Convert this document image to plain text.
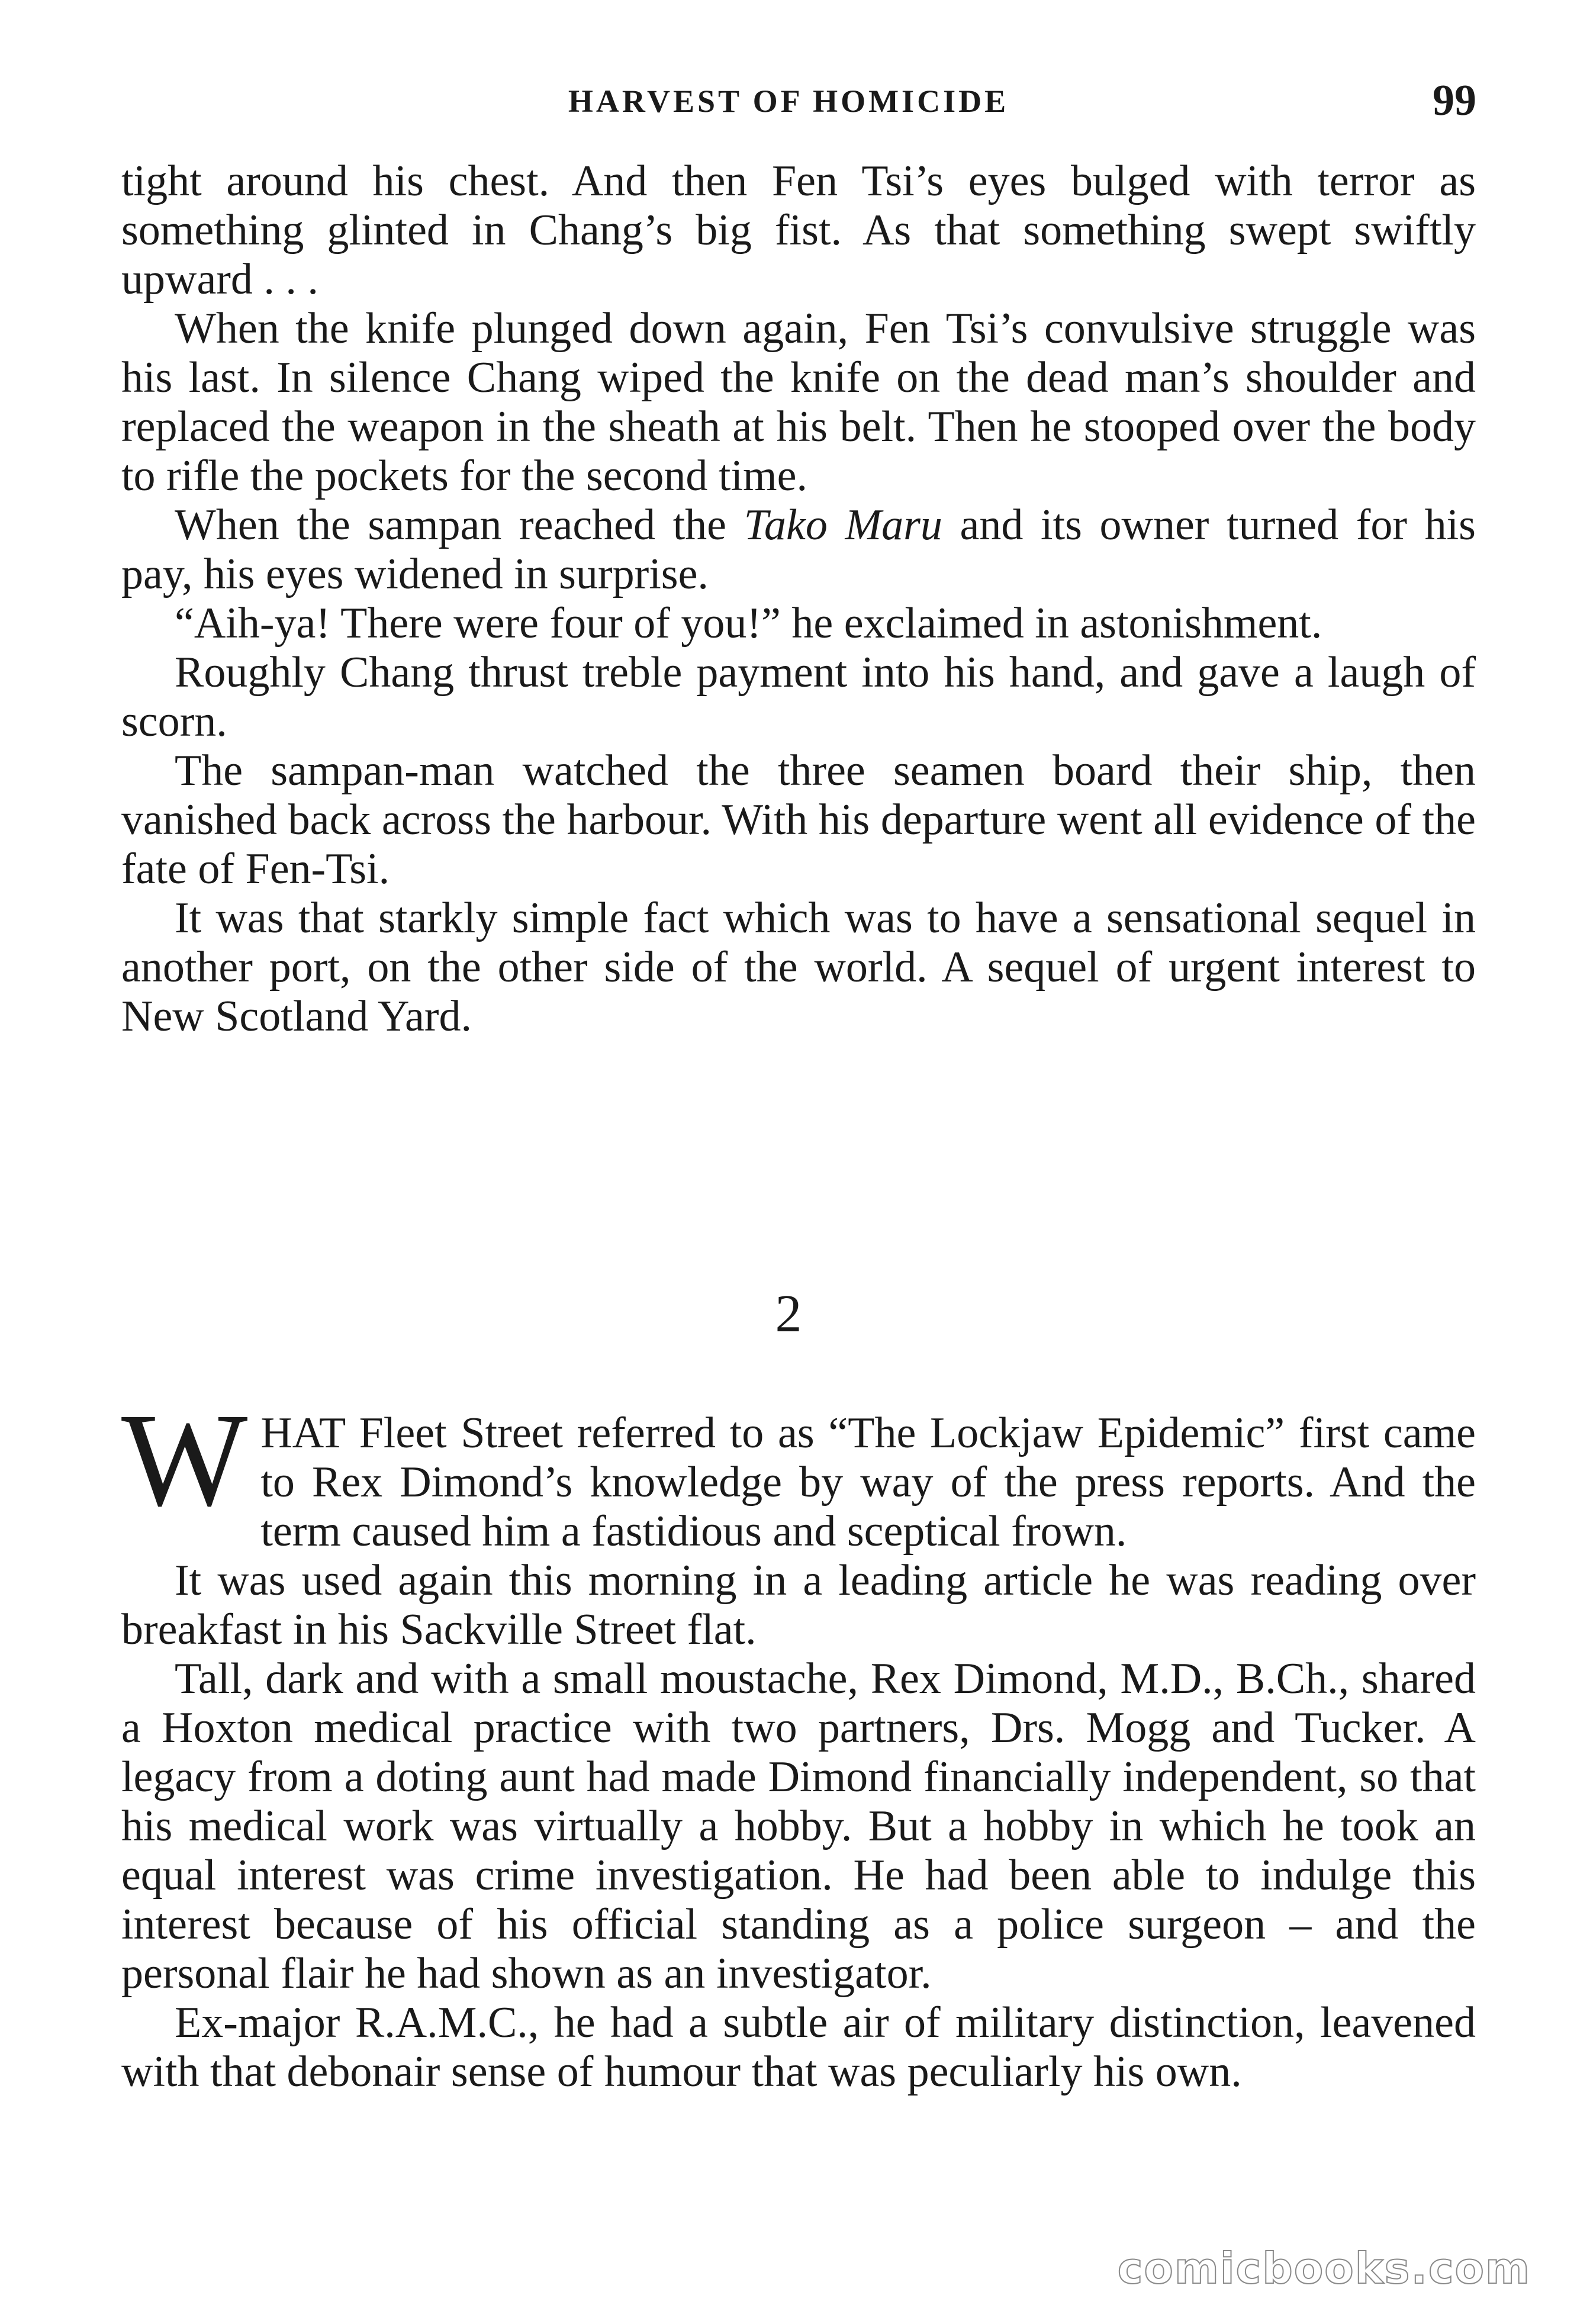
HARVEST OF HOMICIDE	99

tight around his chest. And then Fen Tsi’s eyes bulged with terror as something glinted in Chang’s big fist. As that something swept swiftly upward . . .

When the knife plunged down again, Fen Tsi’s convulsive struggle was his last. In silence Chang wiped the knife on the dead man’s shoulder and replaced the weapon in the sheath at his belt. Then he stooped over the body to rifle the pockets for the second time.

When the sampan reached the Tako Maru and its owner turned for his pay, his eyes widened in surprise.

“Aih-ya! There were four of you!” he exclaimed in astonishment.

Roughly Chang thrust treble payment into his hand, and gave a laugh of scorn.

The sampan-man watched the three seamen board their ship, then vanished back across the harbour. With his departure went all evidence of the fate of Fen-Tsi.

It was that starkly simple fact which was to have a sensational sequel in another port, on the other side of the world. A sequel of urgent interest to New Scotland Yard.

2

WHAT Fleet Street referred to as “The Lockjaw Epidemic” first came to Rex Dimond’s knowledge by way of the press reports. And the term caused him a fastidious and sceptical frown.

It was used again this morning in a leading article he was reading over breakfast in his Sackville Street flat.

Tall, dark and with a small moustache, Rex Dimond, M.D., B.Ch., shared a Hoxton medical practice with two partners, Drs. Mogg and Tucker. A legacy from a doting aunt had made Dimond financially independent, so that his medical work was virtually a hobby. But a hobby in which he took an equal interest was crime investigation. He had been able to indulge this interest because of his official standing as a police surgeon – and the personal flair he had shown as an investigator.

Ex-major R.A.M.C., he had a subtle air of military distinction, leavened with that debonair sense of humour that was peculiarly his own.

comicbooks.com
